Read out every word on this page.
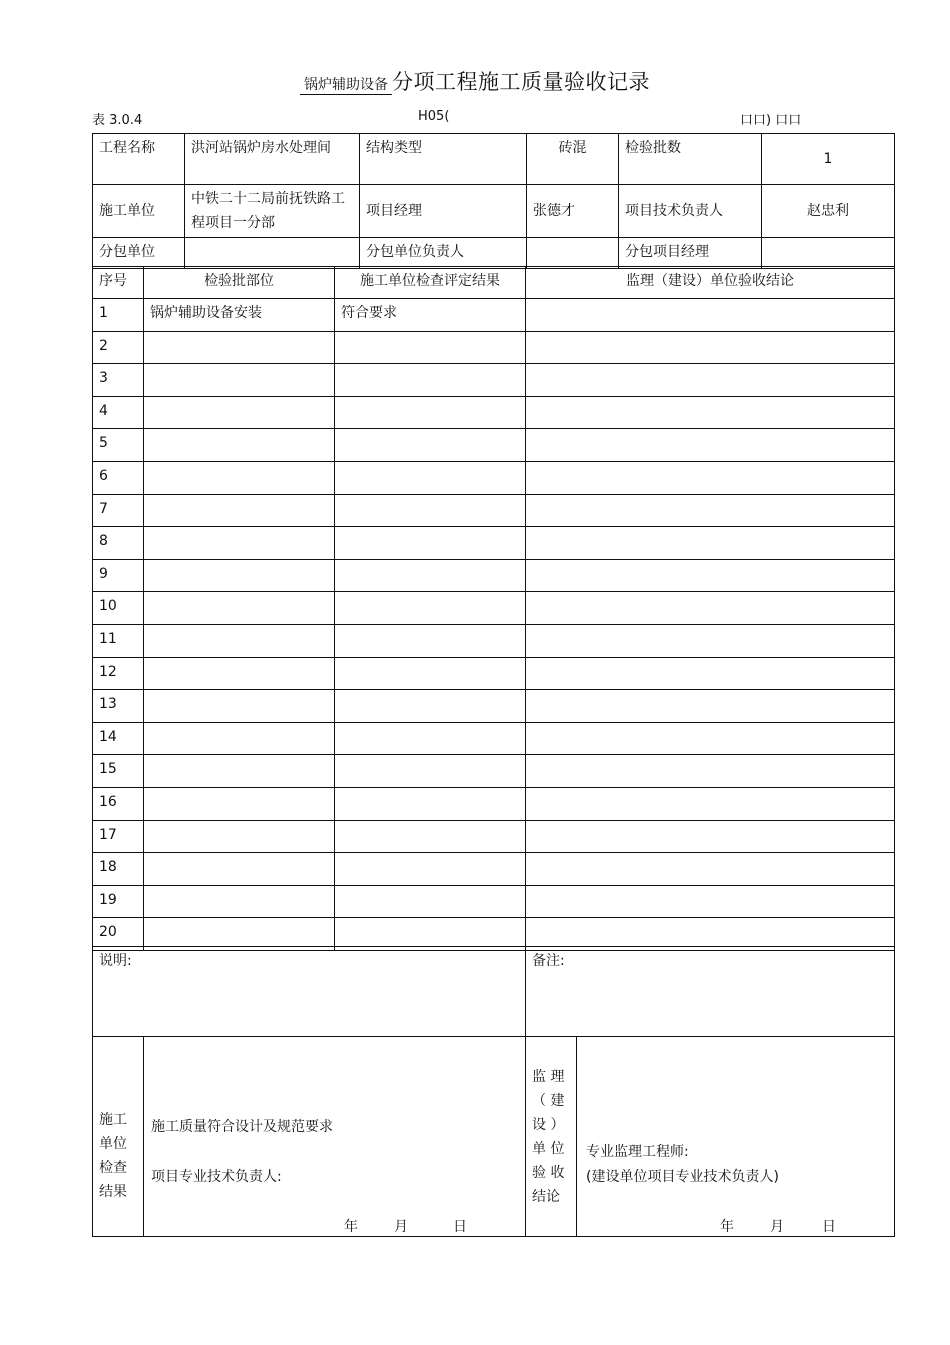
锅炉辅助设备 分项工程施工质量验收记录
表 3.0.4	H05(	口口) 口口
工程名称	洪河站锅炉房水处理间	结构类型	砖混	检验批数	1
施工单位	中铁二十二局前抚铁路工程项目一分部	项目经理	张德才	项目技术负责人	赵忠利
分包单位		分包单位负责人		分包项目经理	
序号	检验批部位	施工单位检查评定结果	监理（建设）单位验收结论
1	锅炉辅助设备安装	符合要求	
2			
3			
4			
5			
6			
7			
8			
9			
10			
11			
12			
13			
14			
15			
16			
17			
18			
19			
20			
说明:	备注:
施工
单位
检查
结果

施工质量符合设计及规范要求
项目专业技术负责人:
年	月	日

监 理
（ 建
设 ）
单 位
验 收
结论

专业监理工程师:
(建设单位项目专业技术负责人)
年	月	日
